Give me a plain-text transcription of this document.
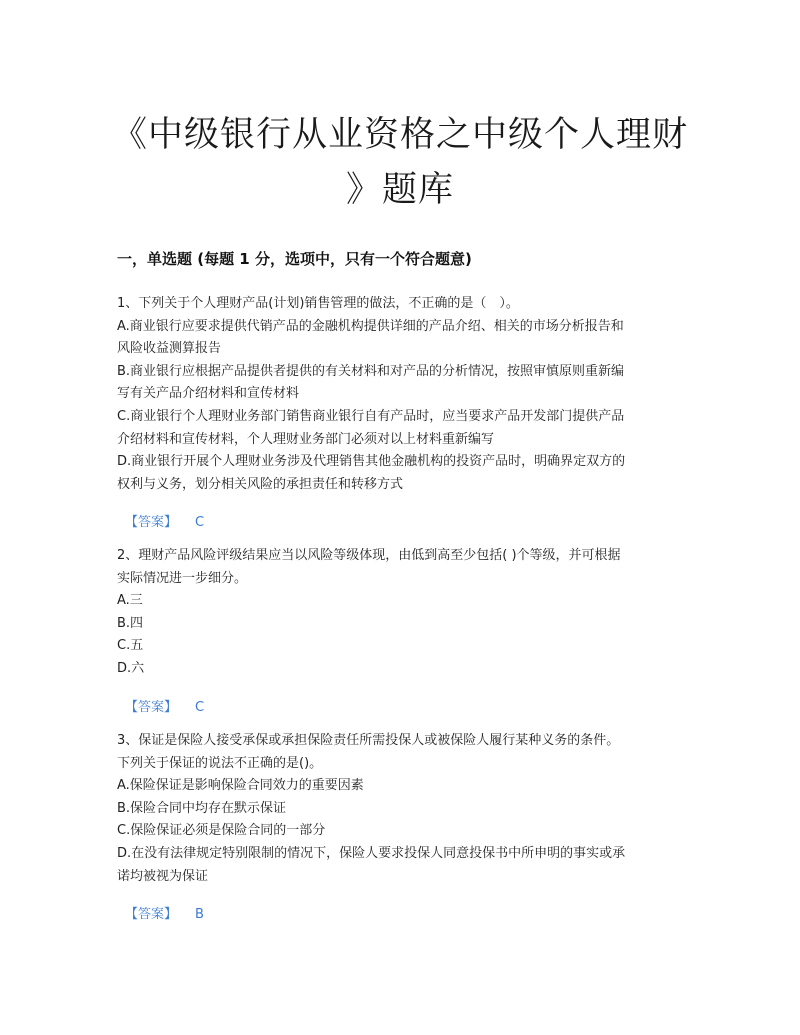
《中级银行从业资格之中级个人理财
》题库
一，单选题 (每题 1 分，选项中，只有一个符合题意)

1、下列关于个人理财产品(计划)销售管理的做法，不正确的是（　）。

A.商业银行应要求提供代销产品的金融机构提供详细的产品介绍、相关的市场分析报告和

风险收益测算报告

B.商业银行应根据产品提供者提供的有关材料和对产品的分析情况，按照审慎原则重新编

写有关产品介绍材料和宣传材料

C.商业银行个人理财业务部门销售商业银行自有产品时，应当要求产品开发部门提供产品

介绍材料和宣传材料，个人理财业务部门必须对以上材料重新编写

D.商业银行开展个人理财业务涉及代理销售其他金融机构的投资产品时，明确界定双方的

权利与义务，划分相关风险的承担责任和转移方式

【答案】 C

2、理财产品风险评级结果应当以风险等级体现，由低到高至少包括( )个等级，并可根据

实际情况进一步细分。

A.三

B.四

C.五

D.六

【答案】 C

3、保证是保险人接受承保或承担保险责任所需投保人或被保险人履行某种义务的条件。

下列关于保证的说法不正确的是()。

A.保险保证是影响保险合同效力的重要因素

B.保险合同中均存在默示保证

C.保险保证必须是保险合同的一部分

D.在没有法律规定特别限制的情况下，保险人要求投保人同意投保书中所申明的事实或承

诺均被视为保证

【答案】 B
